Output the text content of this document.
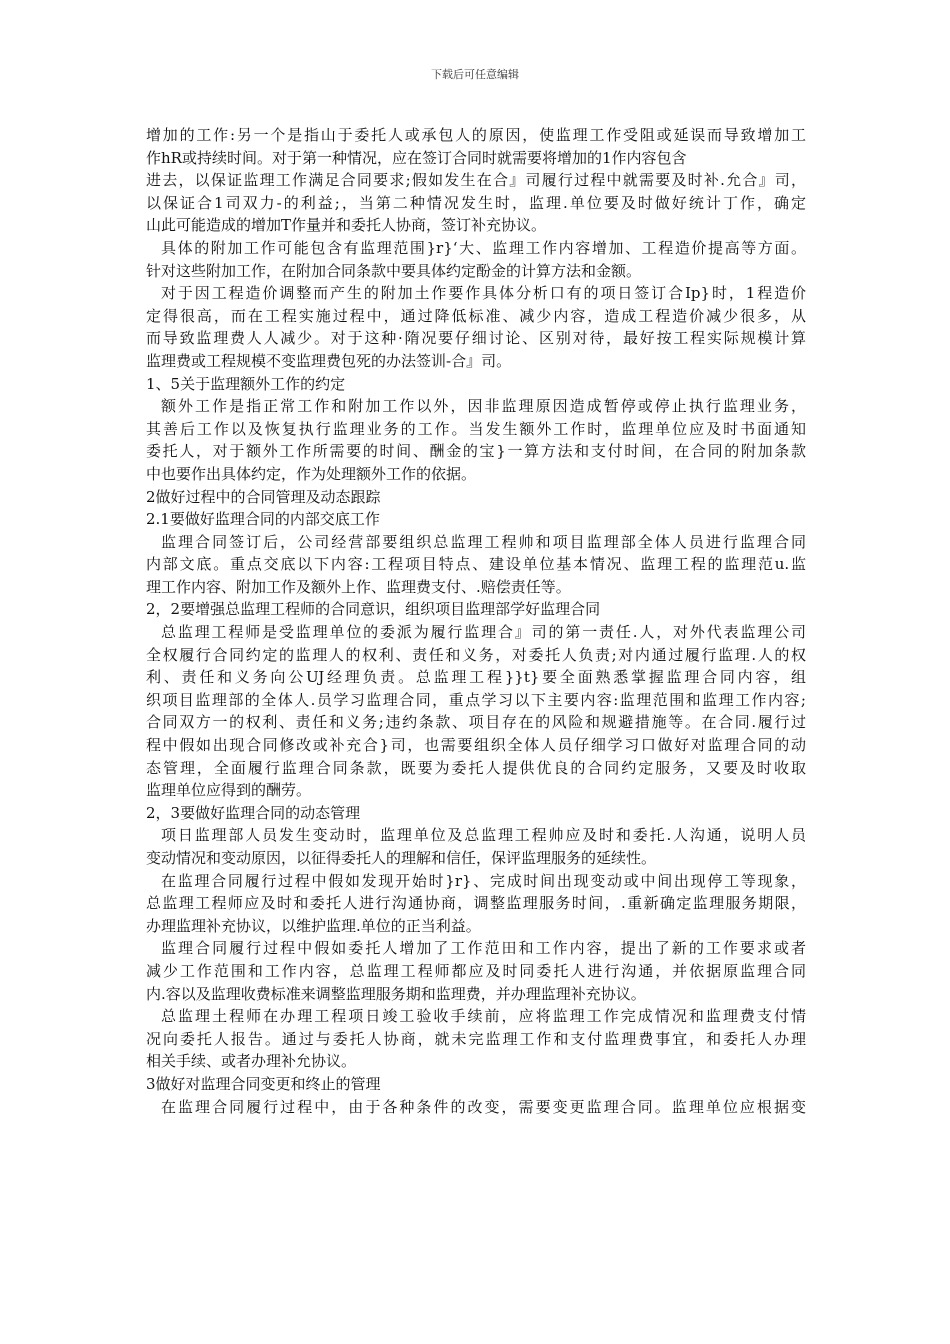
下载后可任意编辑
增加的工作:另一个是指山于委托人或承包人的原因，使监理工作受阻或延误而导致增加工
作hR或持续时间。对于第一种情况，应在签订合同时就需要将增加的1作内容包含
进去，以保证监理工作满足合同要求;假如发生在合』司履行过程中就需要及时补.允合』司，
以保证合1司双力-的利益;，当第二种情况发生时，监理.单位要及时做好统计丁作，确定
山此可能造成的增加T作量并和委托人协商，签订补充协议。
具体的附加工作可能包含有监理范围}r}‘大、监理工作内容增加、工程造价提高等方面。
针对这些附加工作，在附加合同条款中要具体约定酚金的计算方法和金额。
对于因工程造价调整而产生的附加土作要作具体分析口有的项日签订合Ip}时，1程造价
定得很高，而在工程实施过程中，通过降低标准、减少内容，造成工程造价减少很多，从
而导致监理费人人减少。对于这种·隋况要仔细讨论、区别对待，最好按工程实际规模计算
监理费或工程规模不变监理费包死的办法签训-合』司。
1、5关于监理额外工作的约定
额外工作是指正常工作和附加工作以外，因非监理原因造成暂停或停止执行监理业务，
其善后工作以及恢复执行监理业务的工作。当发生额外工作时，监理单位应及时书面通知
委托人，对于额外工作所需要的时间、酬金的宝}一算方法和支付时间，在合同的附加条款
中也要作出具体约定，作为处理额外工作的依据。
2做好过程中的合同管理及动态跟踪
2.1要做好监理合同的内部交底工作
监理合同签订后，公司经营部要组织总监理工程帅和项目监理部全体人员进行监理合同
内部文底。重点交底以下内容:工程项目特点、建设单位基本情况、监理工程的监理范u.监
理工作内容、附加工作及额外上作、监理费支付、.赔偿责任等。
2，2要增强总监理工程师的合同意识，组织项目监理部学好监理合同
总监理工程师是受监理单位的委派为履行监理合』司的第一责任.人，对外代表监理公司
全权履行合同约定的监理人的权利、责任和义务，对委托人负责;对内通过履行监理.人的权
利、责任和义务向公UJ经理负责。总监理工程}}t}要全面熟悉掌握监理合同内容，组
织项目监理部的全体人.员学习监理合同，重点学习以下主要内容:监理范围和监理工作内容;
合同双方一的权利、责任和义务;违约条款、项目存在的风险和规避措施等。在合同.履行过
程中假如出现合同修改或补充合}司，也需要组织全体人员仔细学习口做好对监理合同的动
态管理，全面履行监理合同条款，既要为委托人提供优良的合同约定服务，又要及时收取
监理单位应得到的酬劳。
2，3要做好监理合同的动态管理
项日监理部人员发生变动时，监理单位及总监理工程帅应及时和委托.人沟通，说明人员
变动情况和变动原因，以征得委托人的理解和信任，保评监理服务的延续性。
在监理合同履行过程中假如发现开始时}r}、完成时间出现变动或中间出现停工等现象，
总监理工程师应及时和委托人进行沟通协商，调整监理服务时间，.重新确定监理服务期限，
办理监理补充协议，以维护监理.单位的正当利益。
监理合同履行过程中假如委托人增加了工作范田和工作内容，提出了新的工作要求或者
减少工作范围和工作内容，总监理工程师都应及时同委托人进行沟通，并依据原监理合同
内.容以及监理收费标准来调整监理服务期和监理费，并办理监理补充协议。
总监理土程师在办理工程项日竣工验收手续前，应将监理工作完成情况和监理费支付情
况向委托人报告。通过与委托人协商，就未完监理工作和支付监理费事宜，和委托人办理
相关手续、或者办理补允协议。
3做好对监理合同变更和终止的管理
在监理合同履行过程中，由于各种条件的改变，需要变更监理合同。监理单位应根据变
